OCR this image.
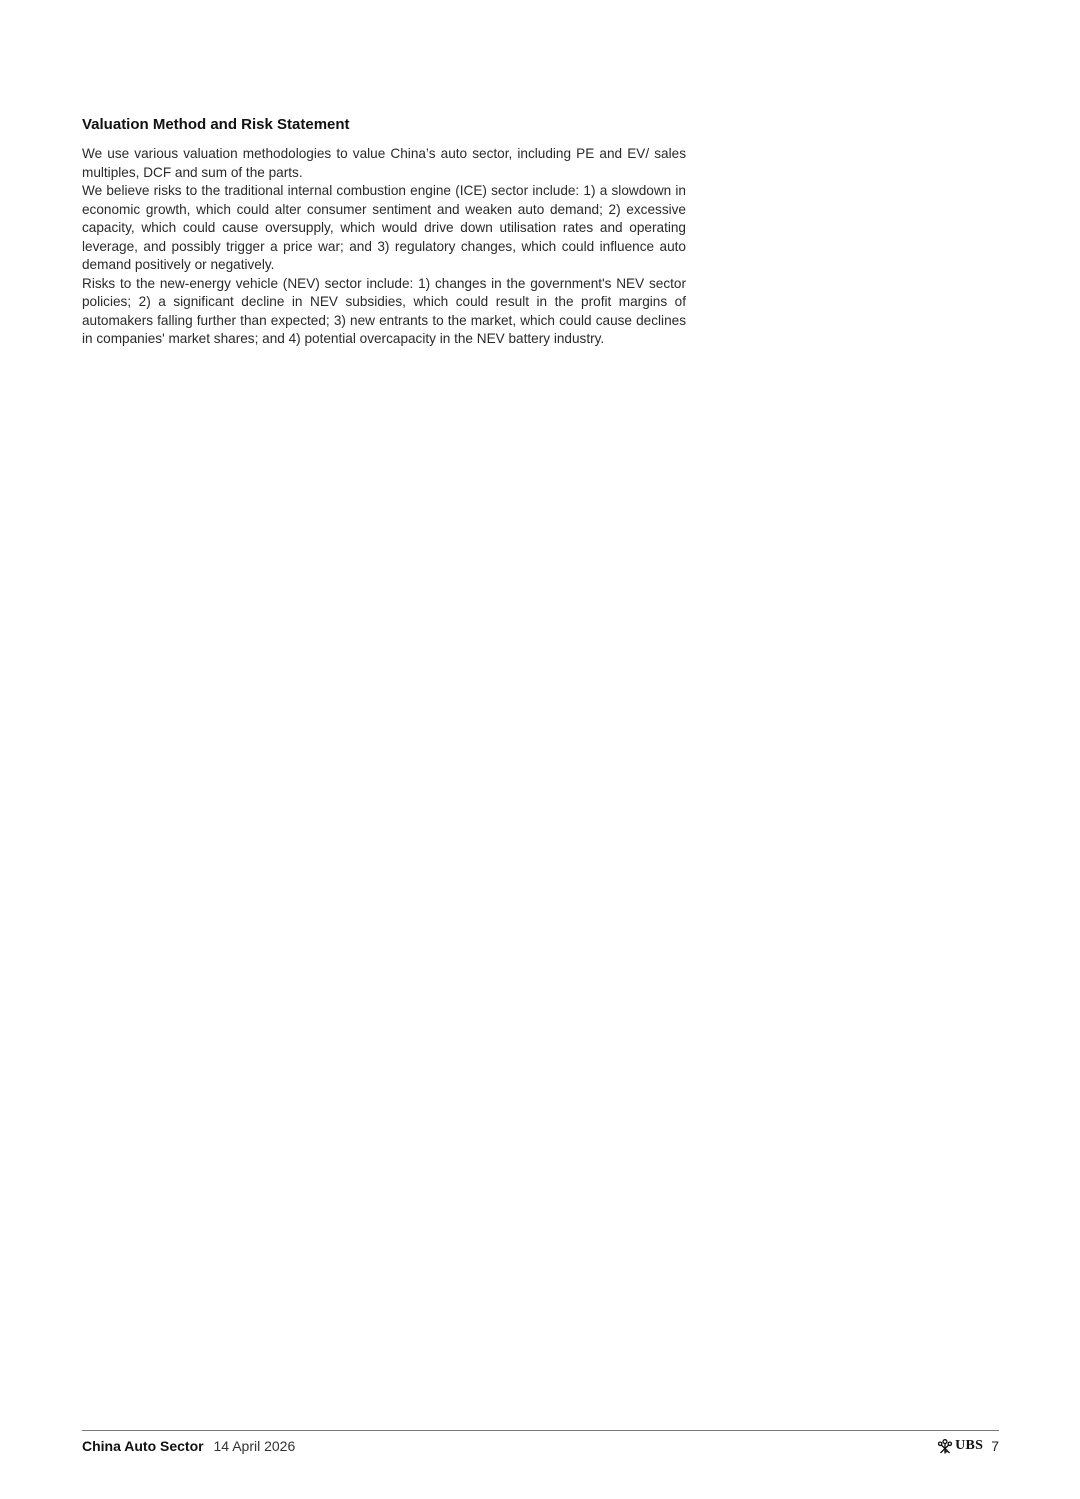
Valuation Method and Risk Statement

We use various valuation methodologies to value China’s auto sector, including PE and EV/ sales multiples, DCF and sum of the parts.

We believe risks to the traditional internal combustion engine (ICE) sector include: 1) a slowdown in economic growth, which could alter consumer sentiment and weaken auto demand; 2) excessive capacity, which could cause oversupply, which would drive down utilisation rates and operating leverage, and possibly trigger a price war; and 3) regulatory changes, which could influence auto demand positively or negatively.

Risks to the new-energy vehicle (NEV) sector include: 1) changes in the government's NEV sector policies; 2) a significant decline in NEV subsidies, which could result in the profit margins of automakers falling further than expected; 3) new entrants to the market, which could cause declines in companies' market shares; and 4) potential overcapacity in the NEV battery industry.

China Auto Sector 14 April 2026	UBS 7
